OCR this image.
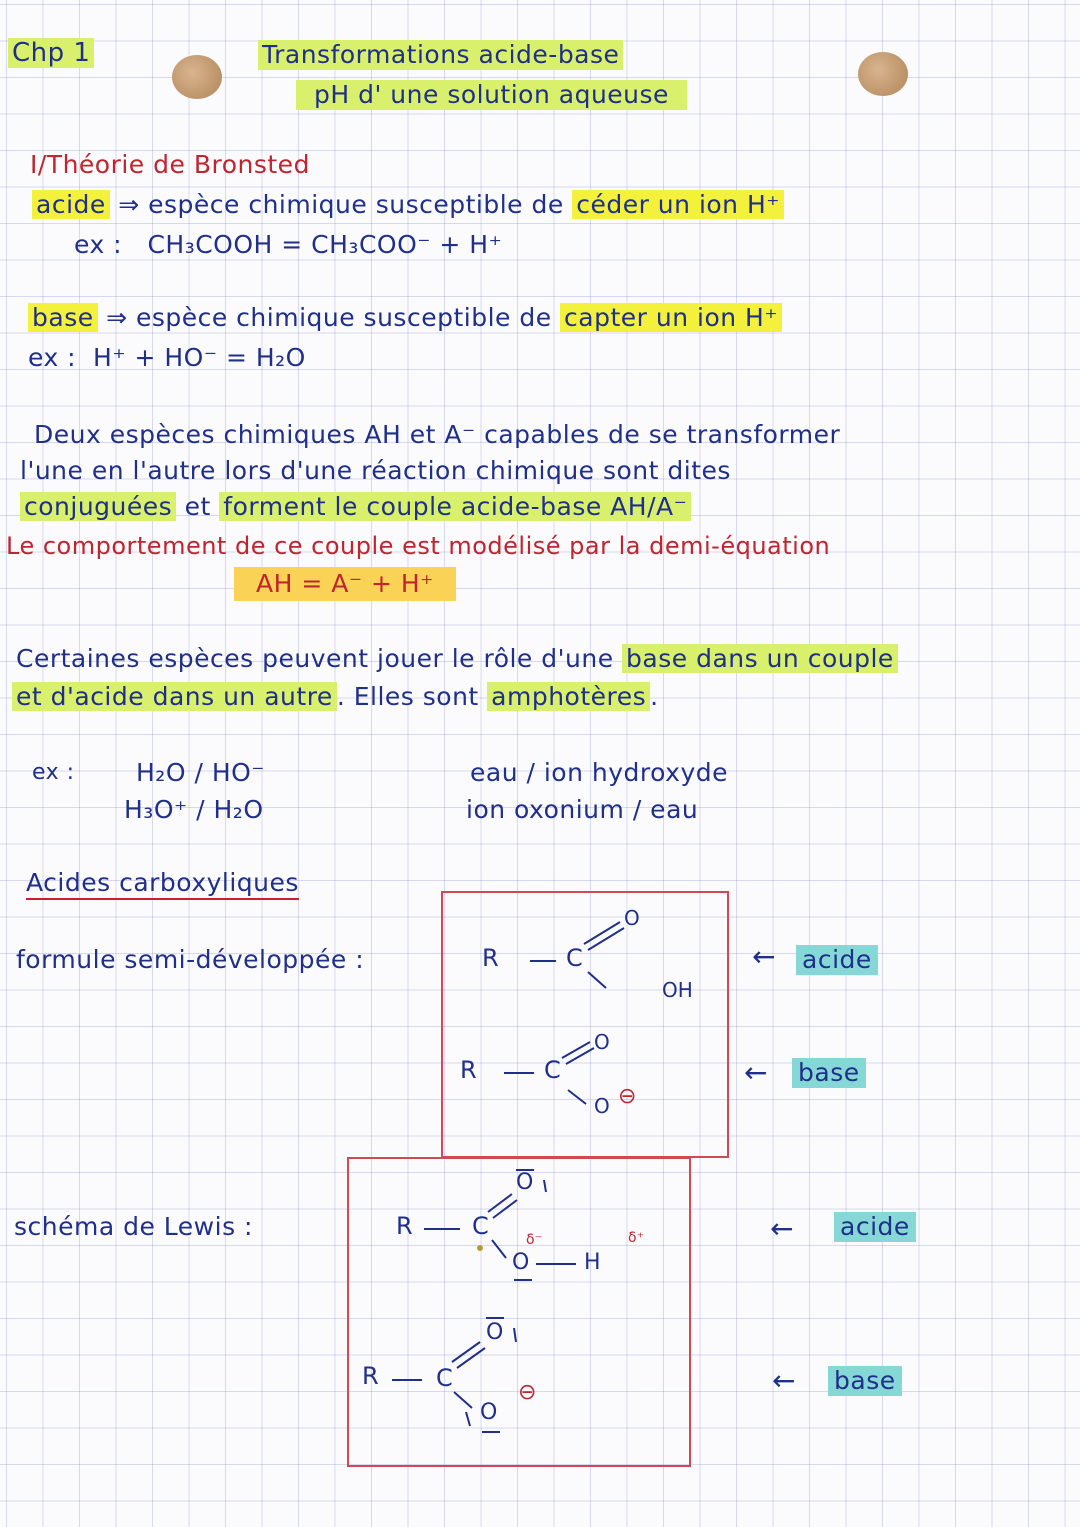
Chp 1	Transformations acide-base
pH d' une solution aqueuse
I/Théorie de Bronsted
acide ⇒ espèce chimique susceptible de céder un ion H⁺
ex : CH₃COOH = CH₃COO⁻ + H⁺
base ⇒ espèce chimique susceptible de capter un ion H⁺
ex : H⁺ + HO⁻ = H₂O
Deux espèces chimiques AH et A⁻ capables de se transformer
l'une en l'autre lors d'une réaction chimique sont dites
conjuguées et forment le couple acide-base AH/A⁻
Le comportement de ce couple est modélisé par la demi-équation
AH = A⁻ + H⁺
Certaines espèces peuvent jouer le rôle d'une base dans un couple
et d'acide dans un autre . Elles sont amphotères .
ex : H₂O / HO⁻	eau / ion hydroxyde
H₃O⁺ / H₂O	ion oxonium / eau
Acides carboxyliques
formule semi-développée :	R	C
O
OH
← acide
R	C
O
O ⊖
← base
schéma de Lewis :	R C
O
O H
δ⁻	δ⁺	← acide
R C
O
O
⊖	← base
